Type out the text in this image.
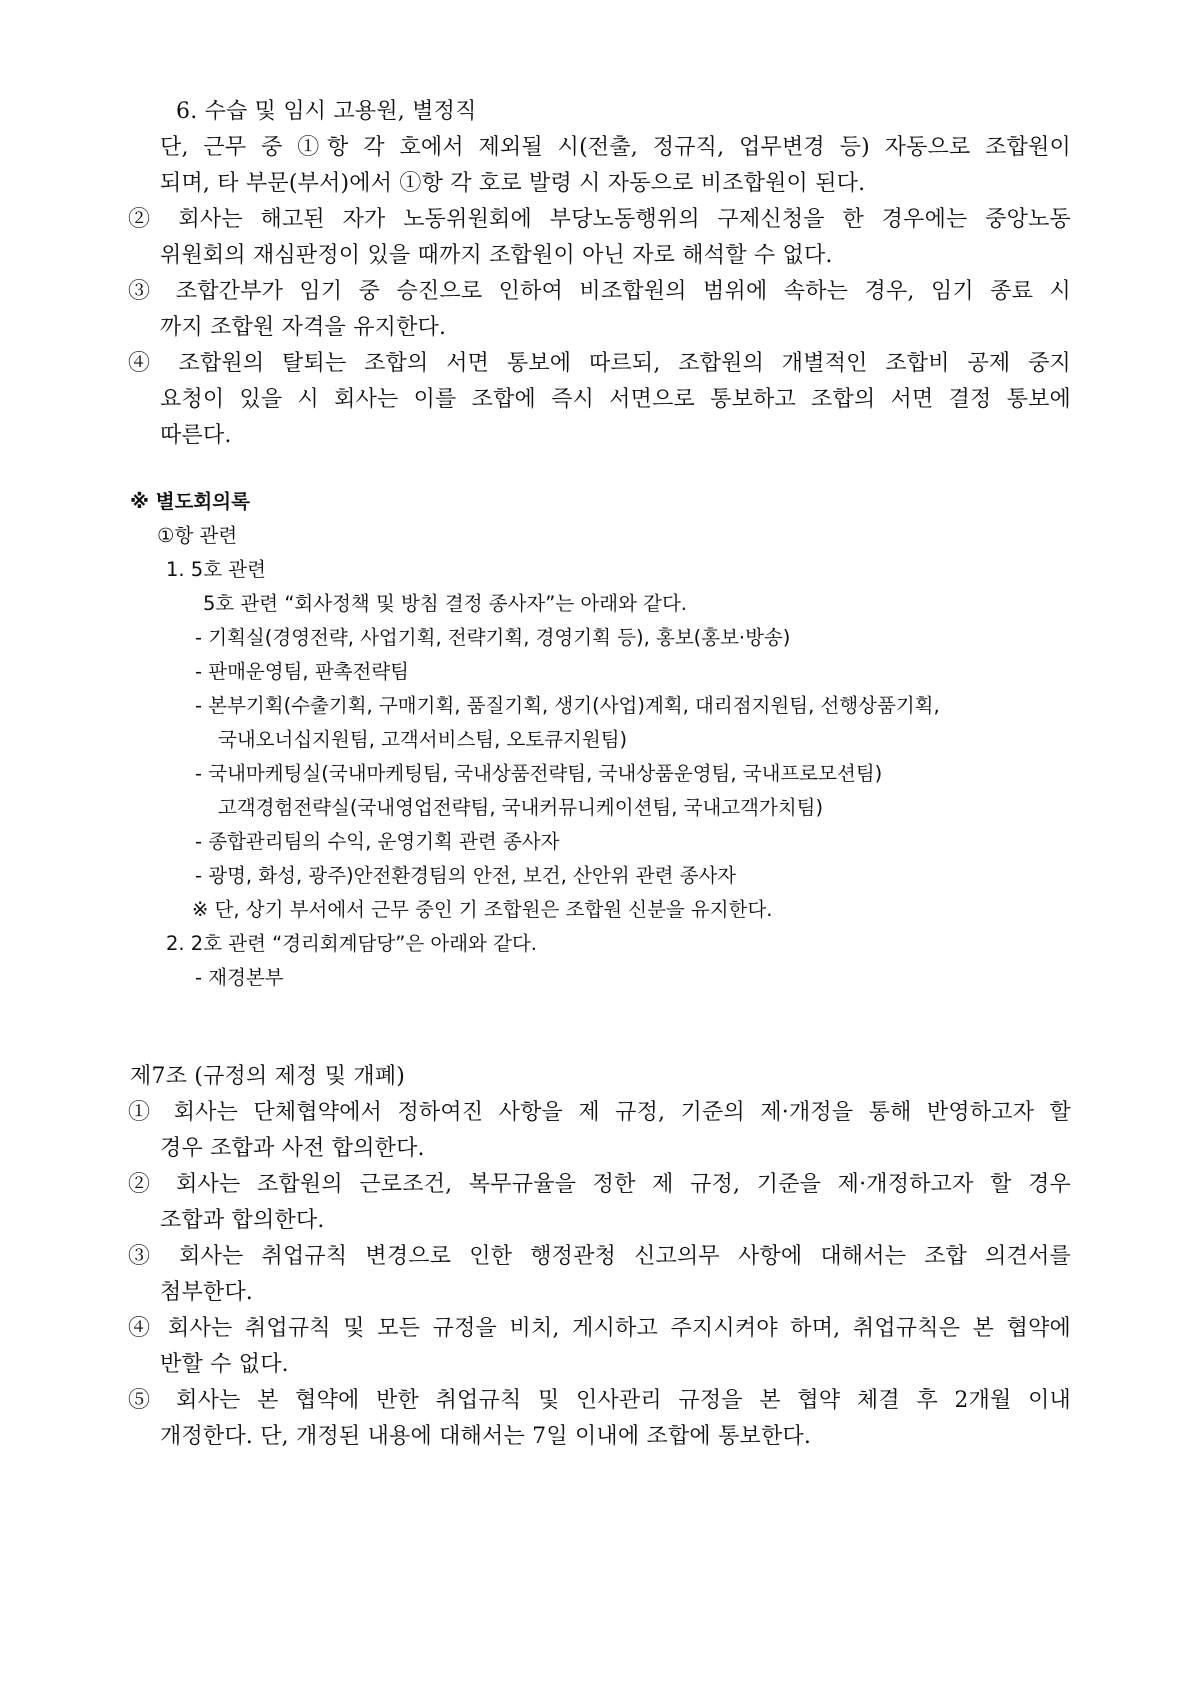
6. 수습 및 임시 고용원, 별정직
단, 근무 중 ①항 각 호에서 제외될 시(전출, 정규직, 업무변경 등) 자동으로 조합원이
되며, 타 부문(부서)에서 ①항 각 호로 발령 시 자동으로 비조합원이 된다.
② 회사는 해고된 자가 노동위원회에 부당노동행위의 구제신청을 한 경우에는 중앙노동
위원회의 재심판정이 있을 때까지 조합원이 아닌 자로 해석할 수 없다.
③ 조합간부가 임기 중 승진으로 인하여 비조합원의 범위에 속하는 경우, 임기 종료 시
까지 조합원 자격을 유지한다.
④ 조합원의 탈퇴는 조합의 서면 통보에 따르되, 조합원의 개별적인 조합비 공제 중지
요청이 있을 시 회사는 이를 조합에 즉시 서면으로 통보하고 조합의 서면 결정 통보에
따른다.
※ 별도회의록
①항 관련
1. 5호 관련
5호 관련 “회사정책 및 방침 결정 종사자”는 아래와 같다.
- 기획실(경영전략, 사업기획, 전략기획, 경영기획 등), 홍보(홍보·방송)
- 판매운영팀, 판촉전략팀
- 본부기획(수출기획, 구매기획, 품질기획, 생기(사업)계획, 대리점지원팀, 선행상품기획,
국내오너십지원팀, 고객서비스팀, 오토큐지원팀)
- 국내마케팅실(국내마케팅팀, 국내상품전략팀, 국내상품운영팀, 국내프로모션팀)
고객경험전략실(국내영업전략팀, 국내커뮤니케이션팀, 국내고객가치팀)
- 종합관리팀의 수익, 운영기획 관련 종사자
- 광명, 화성, 광주)안전환경팀의 안전, 보건, 산안위 관련 종사자
※ 단, 상기 부서에서 근무 중인 기 조합원은 조합원 신분을 유지한다.
2. 2호 관련 “경리회계담당”은 아래와 같다.
- 재경본부
제7조 (규정의 제정 및 개폐)
① 회사는 단체협약에서 정하여진 사항을 제 규정, 기준의 제·개정을 통해 반영하고자 할
경우 조합과 사전 합의한다.
② 회사는 조합원의 근로조건, 복무규율을 정한 제 규정, 기준을 제·개정하고자 할 경우
조합과 합의한다.
③ 회사는 취업규칙 변경으로 인한 행정관청 신고의무 사항에 대해서는 조합 의견서를
첨부한다.
④ 회사는 취업규칙 및 모든 규정을 비치, 게시하고 주지시켜야 하며, 취업규칙은 본 협약에
반할 수 없다.
⑤ 회사는 본 협약에 반한 취업규칙 및 인사관리 규정을 본 협약 체결 후 2개월 이내
개정한다. 단, 개정된 내용에 대해서는 7일 이내에 조합에 통보한다.
